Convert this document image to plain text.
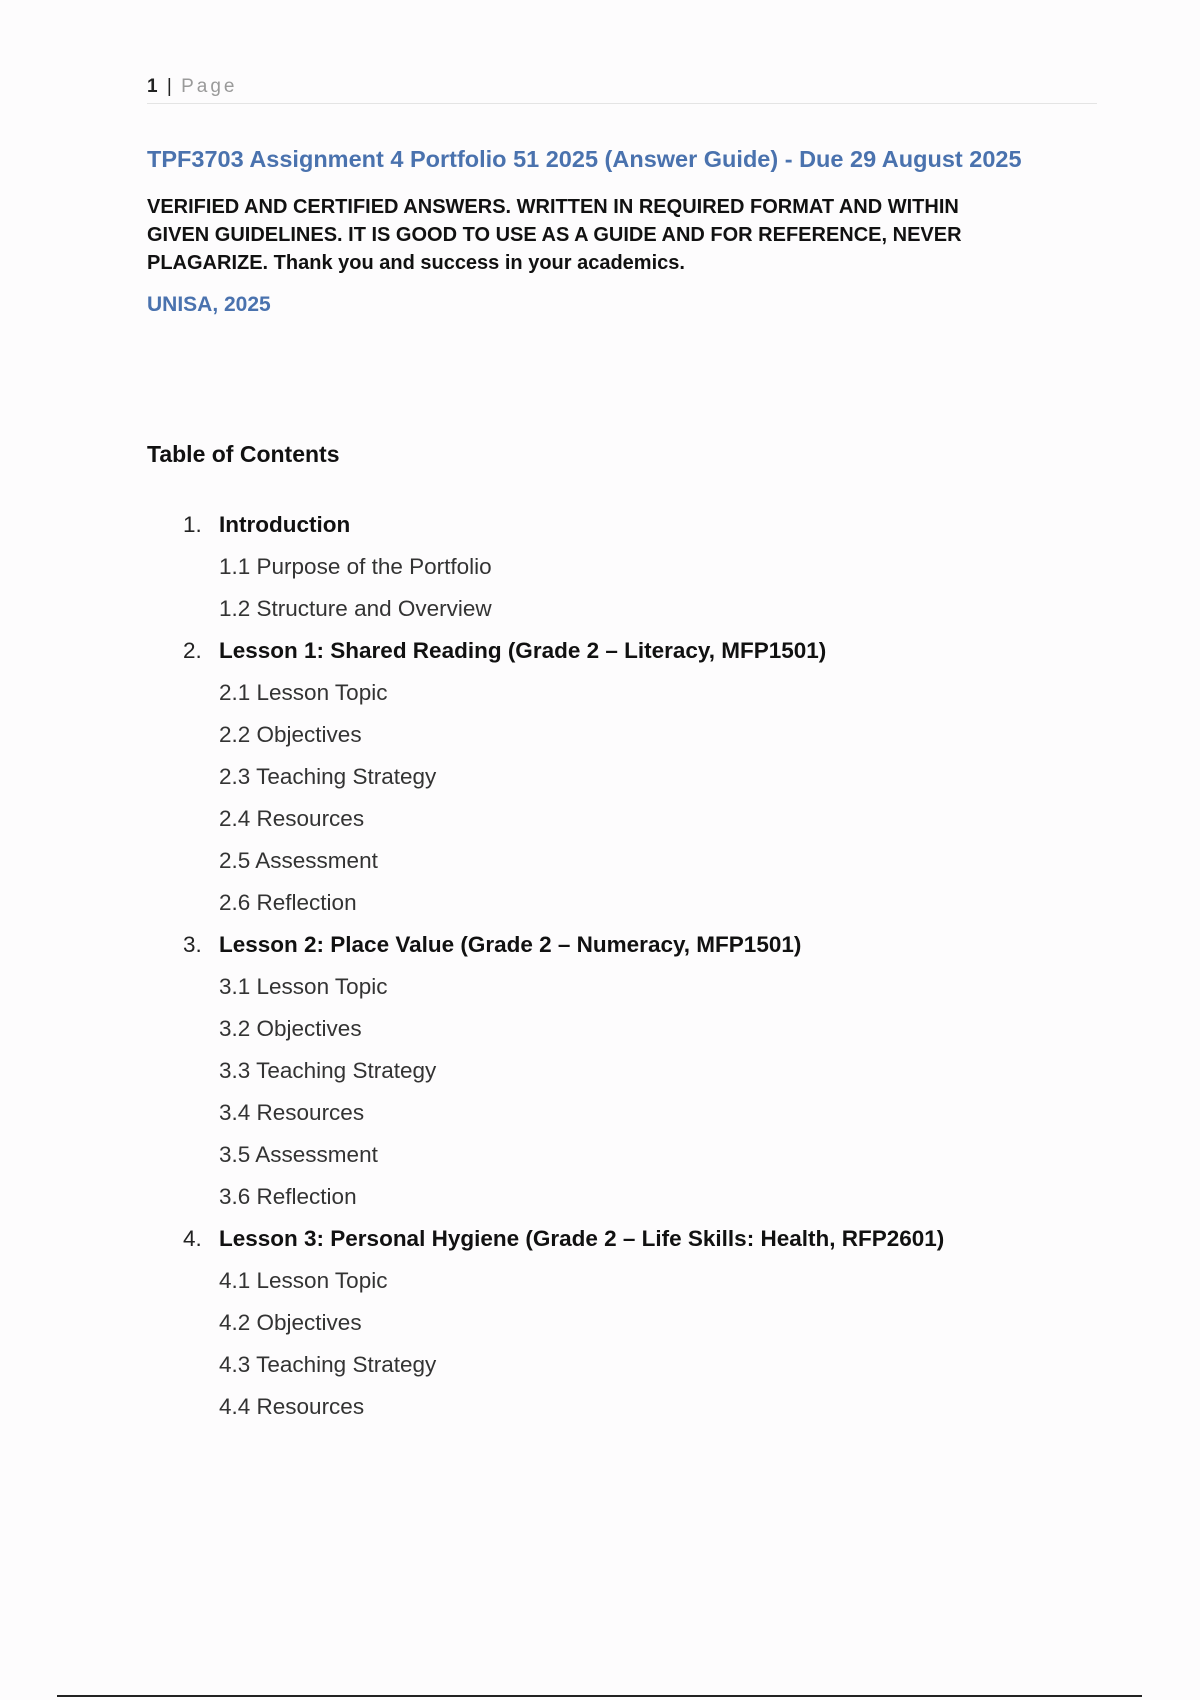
1 | Page
TPF3703 Assignment 4 Portfolio 51 2025 (Answer Guide) - Due 29 August 2025
VERIFIED AND CERTIFIED ANSWERS. WRITTEN IN REQUIRED FORMAT AND WITHIN
GIVEN GUIDELINES. IT IS GOOD TO USE AS A GUIDE AND FOR REFERENCE, NEVER
PLAGARIZE. Thank you and success in your academics.
UNISA, 2025
Table of Contents
1. Introduction
1.1 Purpose of the Portfolio
1.2 Structure and Overview
2. Lesson 1: Shared Reading (Grade 2 – Literacy, MFP1501)
2.1 Lesson Topic
2.2 Objectives
2.3 Teaching Strategy
2.4 Resources
2.5 Assessment
2.6 Reflection
3. Lesson 2: Place Value (Grade 2 – Numeracy, MFP1501)
3.1 Lesson Topic
3.2 Objectives
3.3 Teaching Strategy
3.4 Resources
3.5 Assessment
3.6 Reflection
4. Lesson 3: Personal Hygiene (Grade 2 – Life Skills: Health, RFP2601)
4.1 Lesson Topic
4.2 Objectives
4.3 Teaching Strategy
4.4 Resources
